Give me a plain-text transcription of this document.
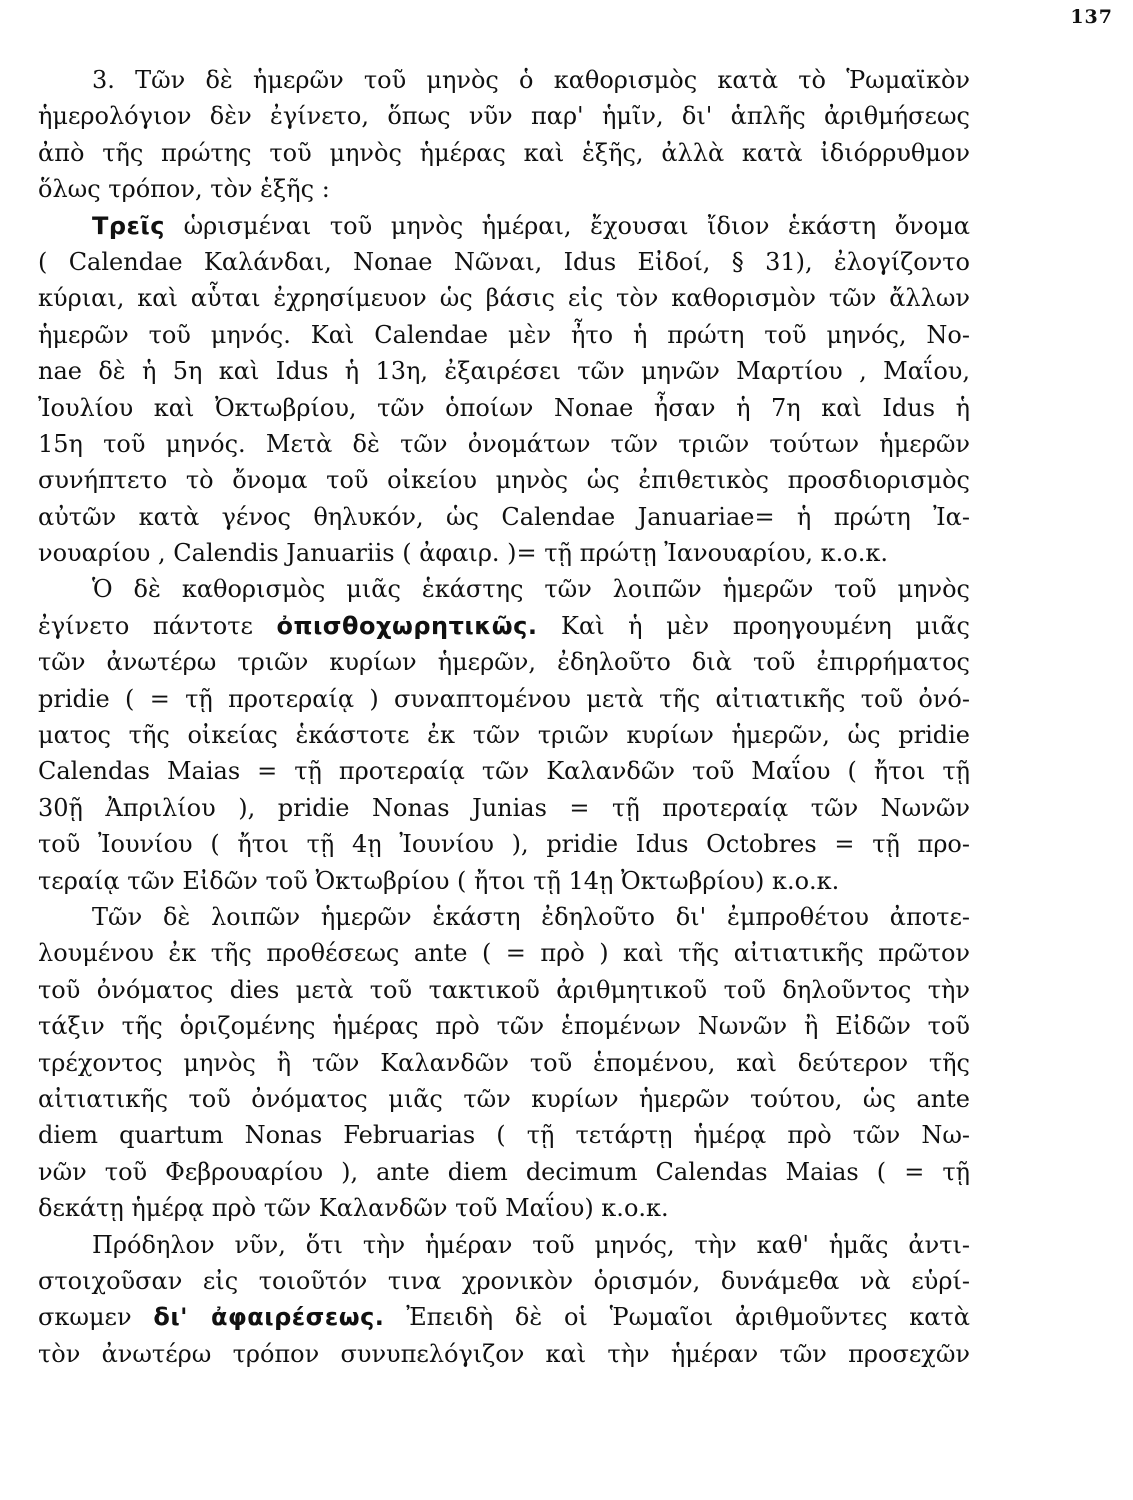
137
3. Τῶν δὲ ἡμερῶν τοῦ μηνὸς ὁ καθορισμὸς κατὰ τὸ Ῥωμαϊκὸν
ἡμερολόγιον δὲν ἐγίνετο, ὅπως νῦν παρ' ἡμῖν, δι' ἁπλῆς ἀριθμήσεως
ἀπὸ τῆς πρώτης τοῦ μηνὸς ἡμέρας καὶ ἑξῆς, ἀλλὰ κατὰ ἰδιόρρυθμον
ὅλως τρόπον, τὸν ἑξῆς :
Τρεῖς ὡρισμέναι τοῦ μηνὸς ἡμέραι, ἔχουσαι ἴδιον ἑκάστη ὄνομα
( Calendae Καλάνδαι, Nonae Νῶναι, Idus Εἰδοί, § 31), ἐλογίζοντο
κύριαι, καὶ αὗται ἐχρησίμευον ὡς βάσις εἰς τὸν καθορισμὸν τῶν ἄλλων
ἡμερῶν τοῦ μηνός. Καὶ Calendae μὲν ἦτο ἡ πρώτη τοῦ μηνός, No-
nae δὲ ἡ 5η καὶ Idus ἡ 13η, ἐξαιρέσει τῶν μηνῶν Μαρτίου , Μαΐου,
Ἰουλίου καὶ Ὀκτωβρίου, τῶν ὁποίων Nonae ἦσαν ἡ 7η καὶ Idus ἡ
15η τοῦ μηνός. Μετὰ δὲ τῶν ὀνομάτων τῶν τριῶν τούτων ἡμερῶν
συνήπτετο τὸ ὄνομα τοῦ οἰκείου μηνὸς ὡς ἐπιθετικὸς προσδιορισμὸς
αὐτῶν κατὰ γένος θηλυκόν, ὡς Calendae Januariae= ἡ πρώτη Ἰα-
νουαρίου , Calendis Januariis ( ἀφαιρ. )= τῇ πρώτῃ Ἰανουαρίου, κ.ο.κ.
Ὁ δὲ καθορισμὸς μιᾶς ἑκάστης τῶν λοιπῶν ἡμερῶν τοῦ μηνὸς
ἐγίνετο πάντοτε ὀπισθοχωρητικῶς. Καὶ ἡ μὲν προηγουμένη μιᾶς
τῶν ἀνωτέρω τριῶν κυρίων ἡμερῶν, ἐδηλοῦτο διὰ τοῦ ἐπιρρήματος
pridie ( = τῇ προτεραίᾳ ) συναπτομένου μετὰ τῆς αἰτιατικῆς τοῦ ὀνό-
ματος τῆς οἰκείας ἑκάστοτε ἐκ τῶν τριῶν κυρίων ἡμερῶν, ὡς pridie
Calendas Maias = τῇ προτεραίᾳ τῶν Καλανδῶν τοῦ Μαΐου ( ἤτοι τῇ
30ῇ Ἀπριλίου ), pridie Nonas Junias = τῇ προτεραίᾳ τῶν Νωνῶν
τοῦ Ἰουνίου ( ἤτοι τῇ 4ῃ Ἰουνίου ), pridie Idus Octobres = τῇ προ-
τεραίᾳ τῶν Εἰδῶν τοῦ Ὀκτωβρίου ( ἤτοι τῇ 14ῃ Ὀκτωβρίου) κ.ο.κ.
Τῶν δὲ λοιπῶν ἡμερῶν ἑκάστη ἐδηλοῦτο δι' ἐμπροθέτου ἀποτε-
λουμένου ἐκ τῆς προθέσεως ante ( = πρὸ ) καὶ τῆς αἰτιατικῆς πρῶτον
τοῦ ὀνόματος dies μετὰ τοῦ τακτικοῦ ἀριθμητικοῦ τοῦ δηλοῦντος τὴν
τάξιν τῆς ὁριζομένης ἡμέρας πρὸ τῶν ἑπομένων Νωνῶν ἢ Εἰδῶν τοῦ
τρέχοντος μηνὸς ἢ τῶν Καλανδῶν τοῦ ἑπομένου, καὶ δεύτερον τῆς
αἰτιατικῆς τοῦ ὀνόματος μιᾶς τῶν κυρίων ἡμερῶν τούτου, ὡς ante
diem quartum Nonas Februarias ( τῇ τετάρτῃ ἡμέρᾳ πρὸ τῶν Νω-
νῶν τοῦ Φεβρουαρίου ), ante diem decimum Calendas Maias ( = τῇ
δεκάτῃ ἡμέρᾳ πρὸ τῶν Καλανδῶν τοῦ Μαΐου) κ.ο.κ.
Πρόδηλον νῦν, ὅτι τὴν ἡμέραν τοῦ μηνός, τὴν καθ' ἡμᾶς ἀντι-
στοιχοῦσαν εἰς τοιοῦτόν τινα χρονικὸν ὁρισμόν, δυνάμεθα νὰ εὑρί-
σκωμεν δι' ἀφαιρέσεως. Ἐπειδὴ δὲ οἱ Ῥωμαῖοι ἀριθμοῦντες κατὰ
τὸν ἀνωτέρω τρόπον συνυπελόγιζον καὶ τὴν ἡμέραν τῶν προσεχῶν
